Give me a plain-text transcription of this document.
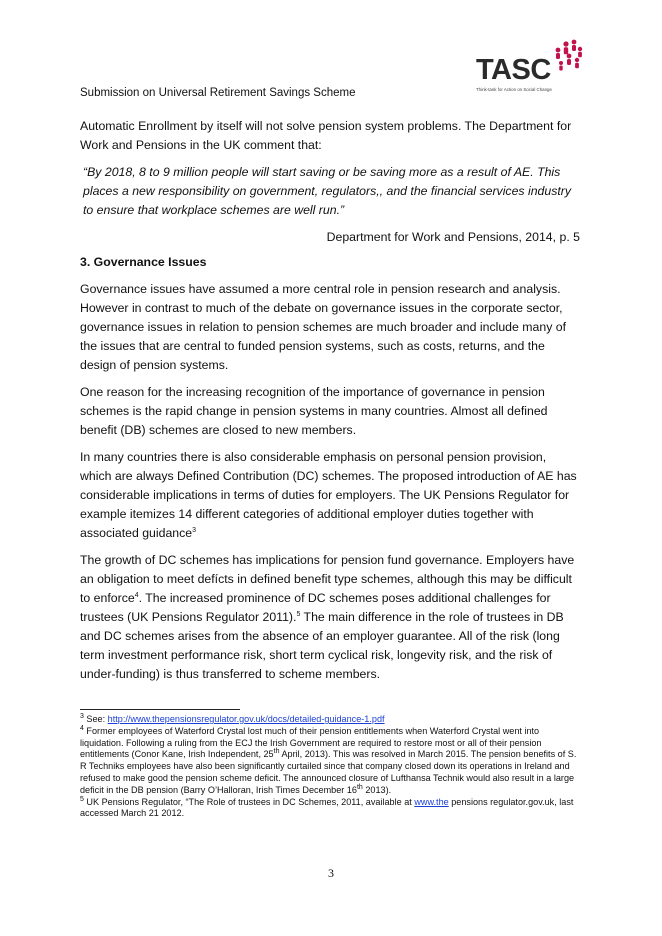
TASC
Think-tank for Action on Social Change
Submission on Universal Retirement Savings Scheme

Automatic Enrollment by itself will not solve pension system problems. The Department for Work and Pensions in the UK comment that:

“By 2018, 8 to 9 million people will start saving or be saving more as a result of AE. This places a new responsibility on government, regulators,, and the financial services industry to ensure that workplace schemes are well run.”

Department for Work and Pensions, 2014, p. 5

3. Governance Issues

Governance issues have assumed a more central role in pension research and analysis. However in contrast to much of the debate on governance issues in the corporate sector, governance issues in relation to pension schemes are much broader and include many of the issues that are central to funded pension systems, such as costs, returns, and the design of pension systems.

One reason for the increasing recognition of the importance of governance in pension schemes is the rapid change in pension systems in many countries. Almost all defined benefit (DB) schemes are closed to new members.

In many countries there is also considerable emphasis on personal pension provision, which are always Defined Contribution (DC) schemes. The proposed introduction of AE has considerable implications in terms of duties for employers. The UK Pensions Regulator for example itemizes 14 different categories of additional employer duties together with associated guidance$^3$

The growth of DC schemes has implications for pension fund governance. Employers have an obligation to meet defícts in defined benefit type schemes, although this may be difficult to enforce$^4$. The increased prominence of DC schemes poses additional challenges for trustees (UK Pensions Regulator 2011).$^5$ The main difference in the role of trustees in DB and DC schemes arises from the absence of an employer guarantee. All of the risk (long term investment performance risk, short term cyclical risk, longevity risk, and the risk of under-funding) is thus transferred to scheme members.

$^3$ See: http://www.thepensionsregulator.gov.uk/docs/detailed-guidance-1.pdf

$^4$ Former employees of Waterford Crystal lost much of their pension entitlements when Waterford Crystal went into liquidation. Following a ruling from the ECJ the Irish Government are required to restore most or all of their pension entitlements (Conor Kane, Irish Independent, 25th April, 2013). This was resolved in March 2015. The pension benefits of S. R Techniks employees have also been significantly curtailed since that company closed down its operations in Ireland and refused to make good the pension scheme deficit. The announced closure of Lufthansa Technik would also result in a large deficit in the DB pension (Barry O’Halloran, Irish Times December 16th 2013).

$^5$ UK Pensions Regulator, “The Role of trustees in DC Schemes, 2011, available at www.the pensions regulator.gov.uk, last accessed March 21 2012.

3
